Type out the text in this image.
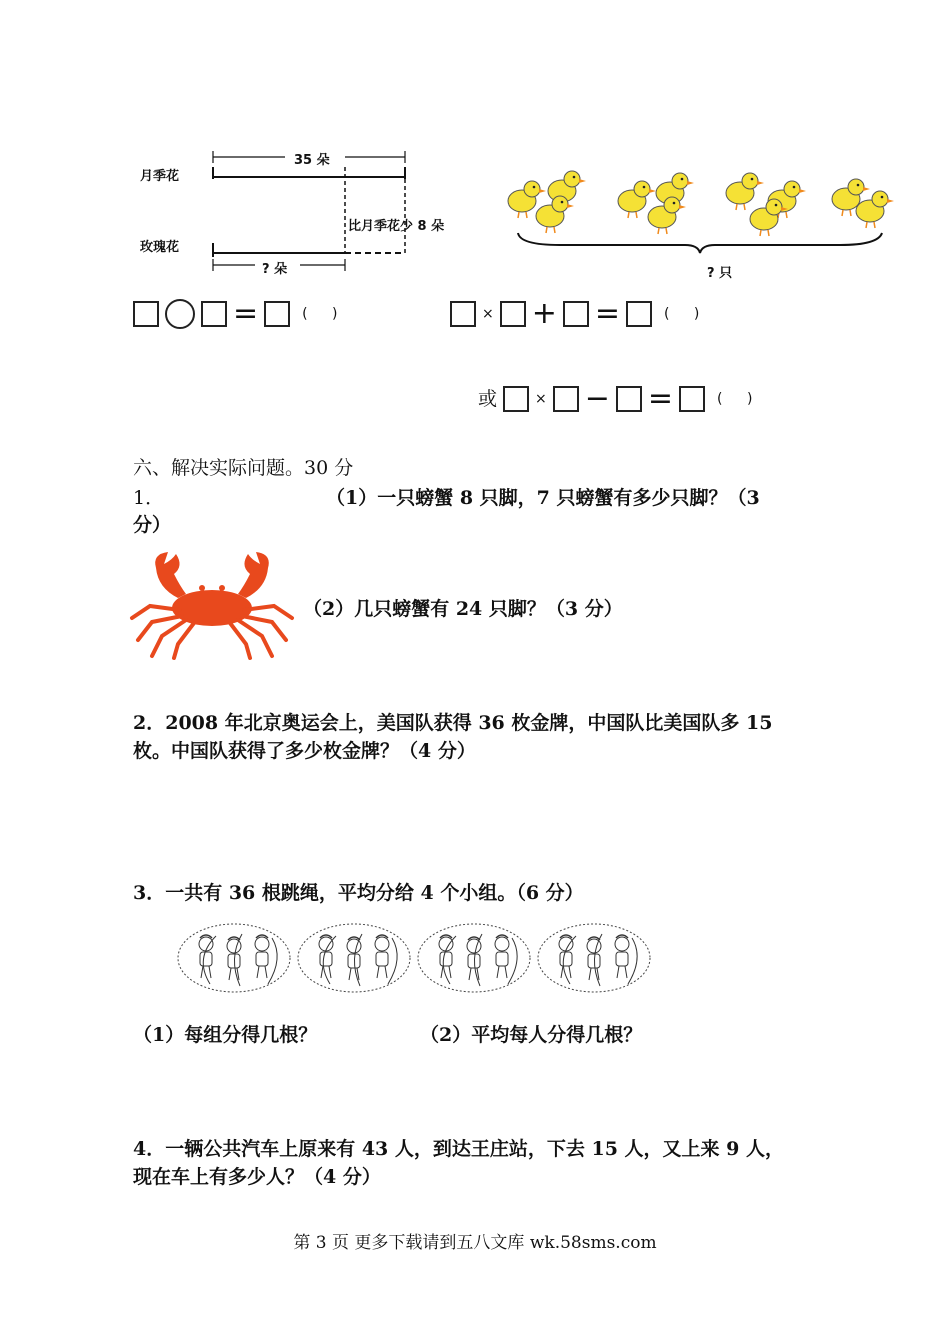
月季花
玫瑰花
35 朵
比月季花少 8 朵
? 朵	? 只
=	( )	× + =	( )
或	× − =	( )
六、解决实际问题。30 分
1．	（1）一只螃蟹 8 只脚，7 只螃蟹有多少只脚？（3
分）
（2）几只螃蟹有 24 只脚？（3 分）
2．2008 年北京奥运会上，美国队获得 36 枚金牌，中国队比美国队多 15
枚。中国队获得了多少枚金牌？（4 分）
3．一共有 36 根跳绳，平均分给 4 个小组。（6 分）
（1）每组分得几根？	（2）平均每人分得几根？
4．一辆公共汽车上原来有 43 人，到达王庄站，下去 15 人，又上来 9 人，
现在车上有多少人？（4 分）
第 3 页 更多下载请到五八文库 wk.58sms.com
